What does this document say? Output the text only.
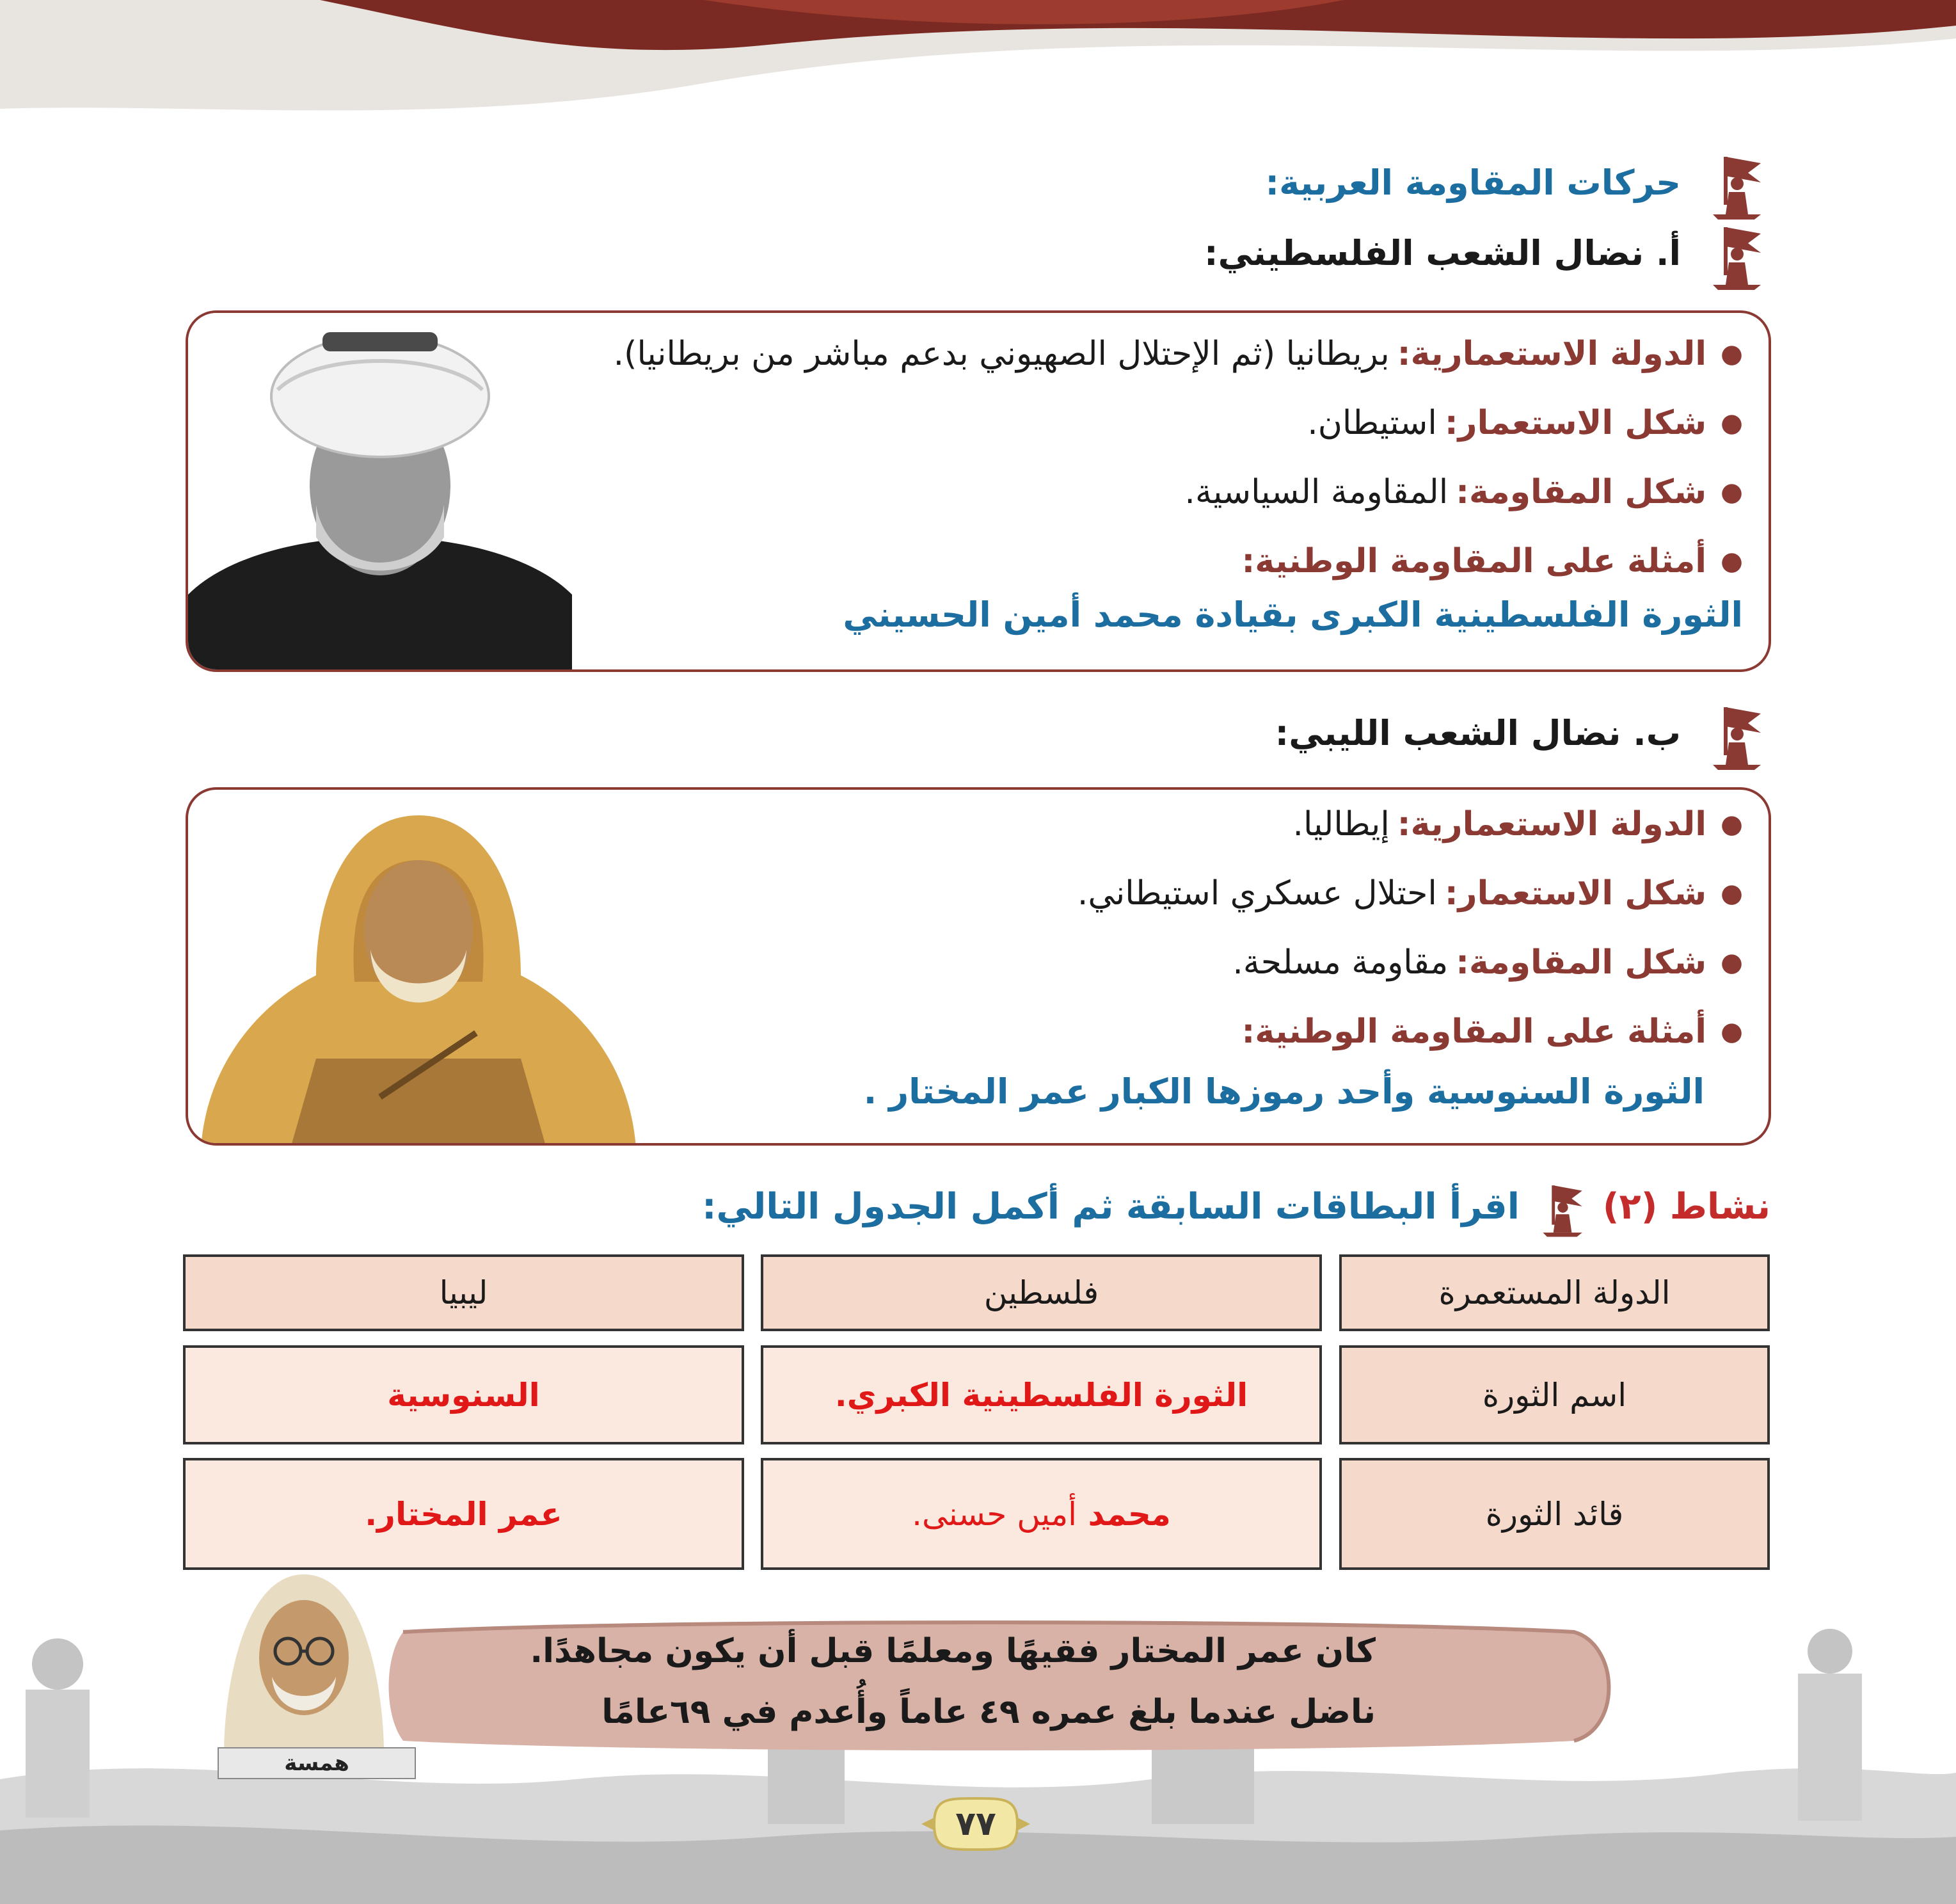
حركات المقاومة العربية:
أ. نضال الشعب الفلسطيني:
●
الدولة الاستعمارية:
بريطانيا (ثم الإحتلال الصهيوني بدعم مباشر من بريطانيا).
●
شكل الاستعمار:
استيطان.
●
شكل المقاومة:
المقاومة السياسية.
●
أمثلة على المقاومة الوطنية:
الثورة الفلسطينية الكبرى بقيادة محمد أمين الحسيني
ب. نضال الشعب الليبي:
●
الدولة الاستعمارية:
إيطاليا.
●
شكل الاستعمار:
احتلال عسكري استيطاني.
●
شكل المقاومة:
مقاومة مسلحة.
●
أمثلة على المقاومة الوطنية:
الثورة السنوسية وأحد رموزها الكبار عمر المختار .
نشاط (٢)
اقرأ البطاقات السابقة ثم أكمل الجدول التالي:
الدولة المستعمرة
فلسطين
ليبيا
اسم الثورة
الثورة الفلسطينية الكبري.
السنوسية
قائد الثورة
محمد

أميں حسنى.
عمر المختار.
كان عمر المختار فقيهًا ومعلمًا قبل أن يكون مجاهدًا.
ناضل عندما بلغ عمره ٤٩ عاماً وأُعدم في ٦٩عامًا
همسة
٧٧
